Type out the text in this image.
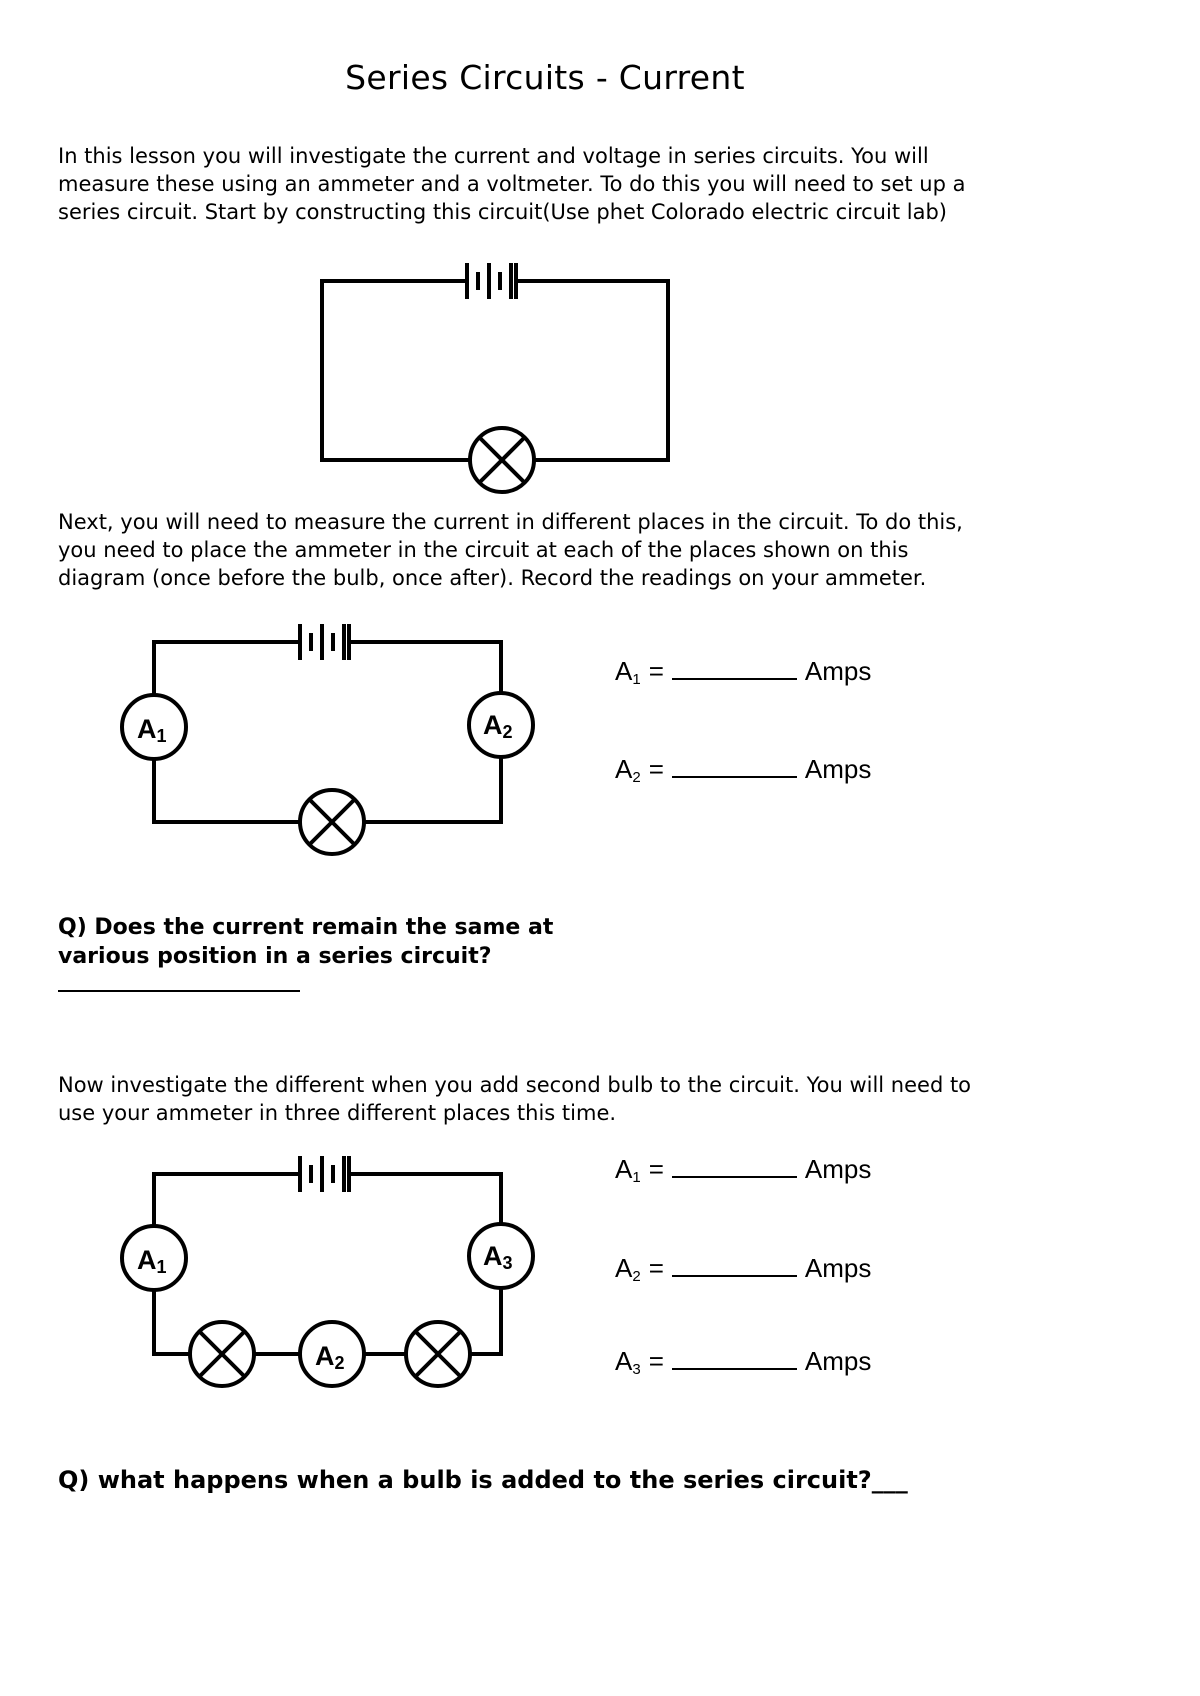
Series Circuits - Current

In this lesson you will investigate the current and voltage in series circuits. You will
measure these using an ammeter and a voltmeter. To do this you will need to set up a
series circuit. Start by constructing this circuit(Use phet Colorado electric circuit lab)

Next, you will need to measure the current in different places in the circuit. To do this,
you need to place the ammeter in the circuit at each of the places shown on this
diagram (once before the bulb, once after). Record the readings on your ammeter.

A1	A2
$A_1$ =	Amps
$A_2$ =	Amps

Q) Does the current remain the same at
various position in a series circuit?

Now investigate the different when you add second bulb to the circuit. You will need to
use your ammeter in three different places this time.

A1
A2
A3
$A_1$ =	Amps
$A_2$ =	Amps
$A_3$ =	Amps
Q) what happens when a bulb is added to the series circuit?___
